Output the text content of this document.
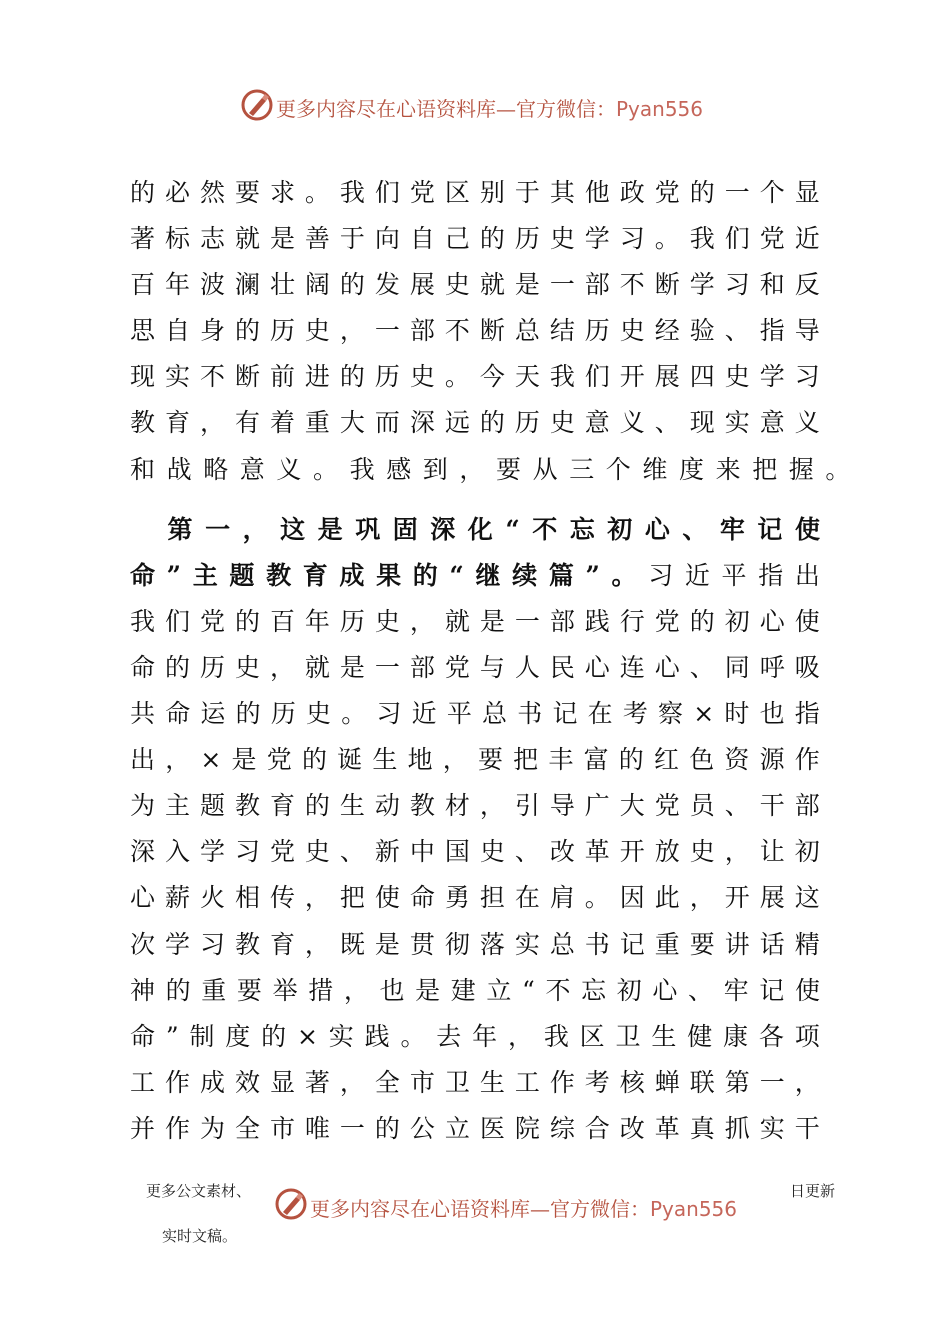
更多内容尽在心语资料库—官方微信：Pyan556
的 必 然 要 求 。 我 们 党 区 别 于 其 他 政 党 的 一 个 显
著 标 志 就 是 善 于 向 自 己 的 历 史 学 习 。 我 们 党 近
百 年 波 澜 壮 阔 的 发 展 史 就 是 一 部 不 断 学 习 和 反
思 自 身 的 历 史 ， 一 部 不 断 总 结 历 史 经 验 、 指 导
现 实 不 断 前 进 的 历 史 。 今 天 我 们 开 展 四 史 学 习
教 育 ， 有 着 重 大 而 深 远 的 历 史 意 义 、 现 实 意 义
和战略意义。我感到，要从三个维度来把握。

第 一 ， 这 是 巩 固 深 化 “ 不 忘 初 心 、 牢 记 使
命 ” 主 题 教 育 成 果 的 “ 继 续 篇 ” 。 习 近 平 指 出
我 们 党 的 百 年 历 史 ， 就 是 一 部 践 行 党 的 初 心 使
命 的 历 史 ， 就 是 一 部 党 与 人 民 心 连 心 、 同 呼 吸
共 命 运 的 历 史 。 习 近 平 总 书 记 在 考 察 × 时 也 指
出 ， × 是 党 的 诞 生 地 ， 要 把 丰 富 的 红 色 资 源 作
为 主 题 教 育 的 生 动 教 材 ， 引 导 广 大 党 员 、 干 部
深 入 学 习 党 史 、 新 中 国 史 、 改 革 开 放 史 ， 让 初
心 薪 火 相 传 ， 把 使 命 勇 担 在 肩 。 因 此 ， 开 展 这
次 学 习 教 育 ， 既 是 贯 彻 落 实 总 书 记 重 要 讲 话 精
神 的 重 要 举 措 ， 也 是 建 立 “ 不 忘 初 心 、 牢 记 使
命 ” 制 度 的 × 实 践 。 去 年 ， 我 区 卫 生 健 康 各 项
工 作 成 效 显 著 ， 全 市 卫 生 工 作 考 核 蝉 联 第 一 ，
并 作 为 全 市 唯 一 的 公 立 医 院 综 合 改 革 真 抓 实 干
更多公文素材、	日更新
实时文稿。
更多内容尽在心语资料库—官方微信：Pyan556
